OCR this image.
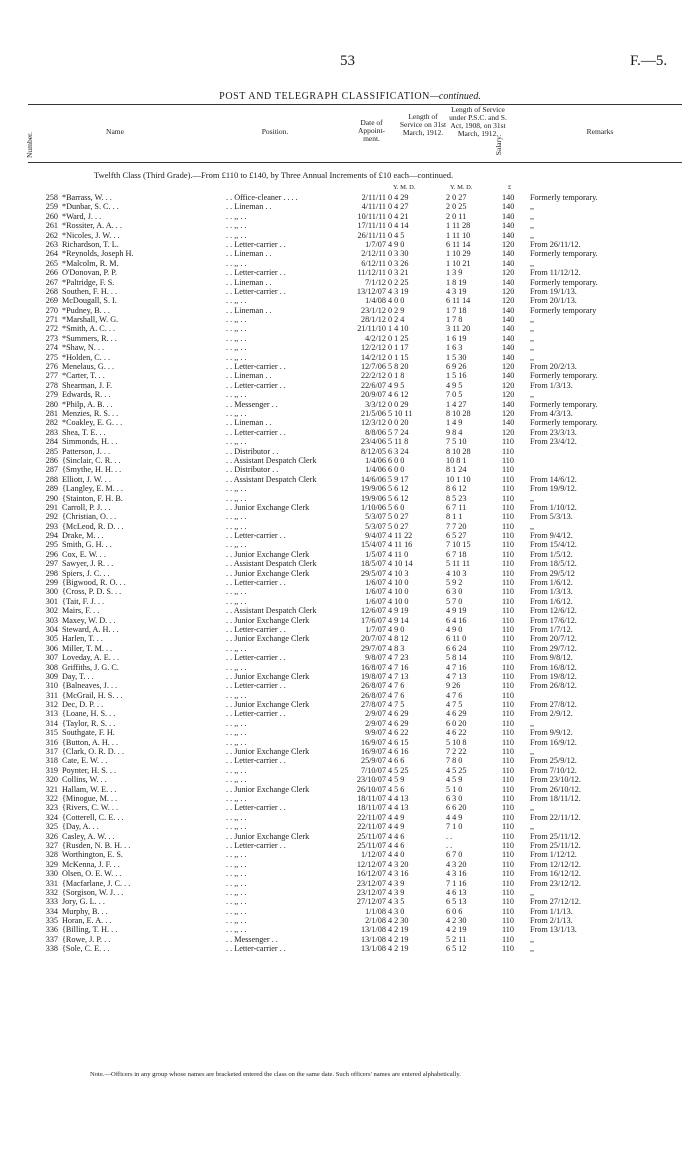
53	F.—5.
POST AND TELEGRAPH CLASSIFICATION—continued.
Number.
Name	Position.
Date of Appoint- ment.
Length of Service on 31st March, 1912.
Length of Service under P.S.C. and S. Act, 1908, on 31st March, 1912.
Salary.
Remarks
Twelfth Class (Third Grade).—From £110 to £140, by Three Annual Increments of £10 each—continued.
Y. M. D.	Y. M. D.	£
258 *Barrass, W. . .	. . Office-cleaner . . . .	2/11/11 0 4 29	2 0 27	140	Formerly temporary.
259 *Dunbar, S. C. . .	. . Lineman . .	4/11/11 0 4 27	2 0 25	140	,,
260 *Ward, J. . .	. . ,, . .	10/11/11 0 4 21	2 0 11	140	,,
261 *Rossiter, A. A. . .	. . ,, . .	17/11/11 0 4 14	1 11 28	140	,,
262 *Nicoles, J. W. . .	. . ,, . .	26/11/11 0 4 5	1 11 10	140	,,
263 Richardson, T. L.	. . Letter-carrier . .	1/7/07 4 9 0	6 11 14	120	From 26/11/12.
264 *Reynolds, Joseph H.	. . Lineman . .	2/12/11 0 3 30	1 10 29	140	Formerly temporary.
265 *Malcolm, R. M.	. . ,, . .	6/12/11 0 3 26	1 10 21	140	,,
266 O'Donovan, P. P.	. . Letter-carrier . .	11/12/11 0 3 21	1 3 9	120	From 11/12/12.
267 *Paltridge, F. S.	. . Lineman . .	7/1/12 0 2 25	1 8 19	140	Formerly temporary.
268 Southen, F. H. . .	. . Letter-carrier . .	13/12/07 4 3 19	4 3 19	120	From 19/1/13.
269 McDougall, S. I.	. . ,, . .	1/4/08 4 0 0	6 11 14	120	From 20/1/13.
270 *Pudney, B. . .	. . Lineman . .	23/1/12 0 2 9	1 7 18	140	Formerly temporary
271 *Marshall, W. G.	. . ,, . .	28/1/12 0 2 4	1 7 8	140	,,
272 *Smith, A. C. . .	. . ,, . .	21/11/10 1 4 10	3 11 20	140	,,
273 *Summers, R. . .	. . ,, . .	4/2/12 0 1 25	1 6 19	140	,,
274 *Shaw, N. . .	. . ,, . .	12/2/12 0 1 17	1 6 3	140	,,
275 *Holden, C. . .	. . ,, . .	14/2/12 0 1 15	1 5 30	140	,,
276 Menelaus, G. . .	. . Letter-carrier . .	12/7/06 5 8 20	6 9 26	120	From 20/2/13.
277 *Carter, T. . .	. . Lineman . .	22/2/12 0 1 8	1 5 16	140	Formerly temporary.
278 Shearman, J. F.	. . Letter-carrier . .	22/6/07 4 9 5	4 9 5	120	From 1/3/13.
279 Edwards, R. . .	. . ,, . .	20/9/07 4 6 12	7 0 5	120	,,
280 *Philp, A. B. . .	. . Messenger . .	3/3/12 0 0 29	1 4 27	140	Formerly temporary.
281 Menzies, R. S. . .	. . ,, . .	21/5/06 5 10 11	8 10 28	120	From 4/3/13.
282 *Coakley, E. G. . .	. . Lineman . .	12/3/12 0 0 20	1 4 9	140	Formerly temporary.
283 Shea, T. E. . .	. . Letter-carrier . .	8/8/06 5 7 24	9 8 4	120	From 23/3/13.
284 Simmonds, H. . .	. . ,, . .	23/4/06 5 11 8	7 5 10	110	From 23/4/12.
285 Patterson, J. . .	. . Distributor . .	8/12/05 6 3 24	8 10 28	110
286 {Sinclair, C. R. . .	. . Assistant Despatch Clerk	1/4/06 6 0 0	10 8 1	110
287 {Smythe, H. H. . .	. . Distributor . .	1/4/06 6 0 0	8 1 24	110
288 Elliott, J. W. . .	. . Assistant Despatch Clerk	14/6/06 5 9 17	10 1 10	110	From 14/6/12.
289 {Langley, E. M. . .	. . ,, . .	19/9/06 5 6 12	8 6 12	110	From 19/9/12.
290 {Stainton, F. H. B.	. . ,, . .	19/9/06 5 6 12	8 5 23	110	,,
291 Carroll, P. J. . .	. . Junior Exchange Clerk	1/10/06 5 6 0	6 7 11	110	From 1/10/12.
292 {Christian, O. . .	. . ,, . .	5/3/07 5 0 27	8 1 1	110	From 5/3/13.
293 {McLeod, R. D. . .	. . ,, . .	5/3/07 5 0 27	7 7 20	110	,,
294 Drake, M. . .	. . Letter-carrier . .	9/4/07 4 11 22	6 5 27	110	From 9/4/12.
295 Smith, G. H. . .	. . ,, . .	15/4/07 4 11 16	7 10 15	110	From 15/4/12.
296 Cox, E. W. . .	. . Junior Exchange Clerk	1/5/07 4 11 0	6 7 18	110	From 1/5/12.
297 Sawyer, J. R. . .	. . Assistant Despatch Clerk	18/5/07 4 10 14	5 11 11	110	From 18/5/12.
298 Spiers, J. C. . .	. . Junior Exchange Clerk	29/5/07 4 10 3	4 10 3	110	From 29/5/12
299 {Bigwood, R. O. . .	. . Letter-carrier . .	1/6/07 4 10 0	5 9 2	110	From 1/6/12.
300 {Cross, P. D. S. . .	. . ,, . .	1/6/07 4 10 0	6 3 0	110	From 1/3/13.
301 {Tait, F. J. . .	. . ,, . .	1/6/07 4 10 0	5 7 0	110	From 1/6/12.
302 Mairs, F. . .	. . Assistant Despatch Clerk	12/6/07 4 9 19	4 9 19	110	From 12/6/12.
303 Maxey, W. D. . .	. . Junior Exchange Clerk	17/6/07 4 9 14	6 4 16	110	From 17/6/12.
304 Steward, A. H. . .	. . Letter-carrier . .	1/7/07 4 9 0	4 9 0	110	From 1/7/12.
305 Harlen, T. . .	. . Junior Exchange Clerk	20/7/07 4 8 12	6 11 0	110	From 20/7/12.
306 Miller, T. M. . .	. . ,, . .	29/7/07 4 8 3	6 6 24	110	From 29/7/12.
307 Loveday, A. E. . .	. . Letter-carrier . .	9/8/07 4 7 23	5 8 14	110	From 9/8/12.
308 Griffiths, J. G. C.	. . ,, . .	16/8/07 4 7 16	4 7 16	110	From 16/8/12.
309 Day, T. . .	. . Junior Exchange Clerk	19/8/07 4 7 13	4 7 13	110	From 19/8/12.
310 {Balneaves, J. . .	. . Letter-carrier . .	26/8/07 4 7 6	9 26	110	From 26/8/12.
311 {McGrail, H. S. . .	. . ,, . .	26/8/07 4 7 6	4 7 6	110
312 Dec, D. P. . .	. . Junior Exchange Clerk	27/8/07 4 7 5	4 7 5	110	From 27/8/12.
313 {Loane, H. S. . .	. . Letter-carrier . .	2/9/07 4 6 29	4 6 29	110	From 2/9/12.
314 {Taylor, R. S. . .	. . ,, . .	2/9/07 4 6 29	6 0 20	110	,,
315 Southgate, F. H.	. . ,, . .	9/9/07 4 6 22	4 6 22	110	From 9/9/12.
316 {Button, A. H. . .	. . ,, . .	16/9/07 4 6 15	5 10 8	110	From 16/9/12.
317 {Clark, O. R. D. . .	. . Junior Exchange Clerk	16/9/07 4 6 16	7 2 22	110	,,
318 Cate, E. W. . .	. . Letter-carrier . .	25/9/07 4 6 6	7 8 0	110	From 25/9/12.
319 Poynter, H. S. . .	. . ,, . .	7/10/07 4 5 25	4 5 25	110	From 7/10/12.
320 Collins, W. . .	. . ,, . .	23/10/07 4 5 9	4 5 9	110	From 23/10/12.
321 Hallam, W. E. . .	. . Junior Exchange Clerk	26/10/07 4 5 6	5 1 0	110	From 26/10/12.
322 {Minogue, M. . .	. . ,, . .	18/11/07 4 4 13	6 3 0	110	From 18/11/12.
323 {Rivers, C. W. . .	. . Letter-carrier . .	18/11/07 4 4 13	6 6 20	110	,,
324 {Cotterell, C. E. . .	. . ,, . .	22/11/07 4 4 9	4 4 9	110	From 22/11/12.
325 {Day, A. . .	. . ,, . .	22/11/07 4 4 9	7 1 0	110	,,
326 Casley, A. W. . .	. . Junior Exchange Clerk	25/11/07 4 4 6	. .	110	From 25/11/12.
327 {Rusden, N. B. H. . .	. . Letter-carrier . .	25/11/07 4 4 6	. .	110	From 25/11/12.
328 Worthington, E. S.	. . ,, . .	1/12/07 4 4 0	6 7 0	110	From 1/12/12.
329 McKenna, J. F. . .	. . ,, . .	12/12/07 4 3 20	4 3 20	110	From 12/12/12.
330 Olsen, O. E. W. . .	. . ,, . .	16/12/07 4 3 16	4 3 16	110	From 16/12/12.
331 {Macfarlane, J. C. . .	. . ,, . .	23/12/07 4 3 9	7 1 16	110	From 23/12/12.
332 {Sorgison, W. J. . .	. . ,, . .	23/12/07 4 3 9	4 6 13	110	,,
333 Jory, G. L. . .	. . ,, . .	27/12/07 4 3 5	6 5 13	110	From 27/12/12.
334 Murphy, B. . .	. . ,, . .	1/1/08 4 3 0	6 0 6	110	From 1/1/13.
335 Horan, E. A. . .	. . ,, . .	2/1/08 4 2 30	4 2 30	110	From 2/1/13.
336 {Billing, T. H. . .	. . ,, . .	13/1/08 4 2 19	4 2 19	110	From 13/1/13.
337 {Rowe, J. P. . .	. . Messenger . .	13/1/08 4 2 19	5 2 11	110	,,
338 {Sole, C. E. . .	. . Letter-carrier . .	13/1/08 4 2 19	6 5 12	110	,,
Note.—Officers in any group whose names are bracketed entered the class on the same date. Such officers' names are entered alphabetically.
